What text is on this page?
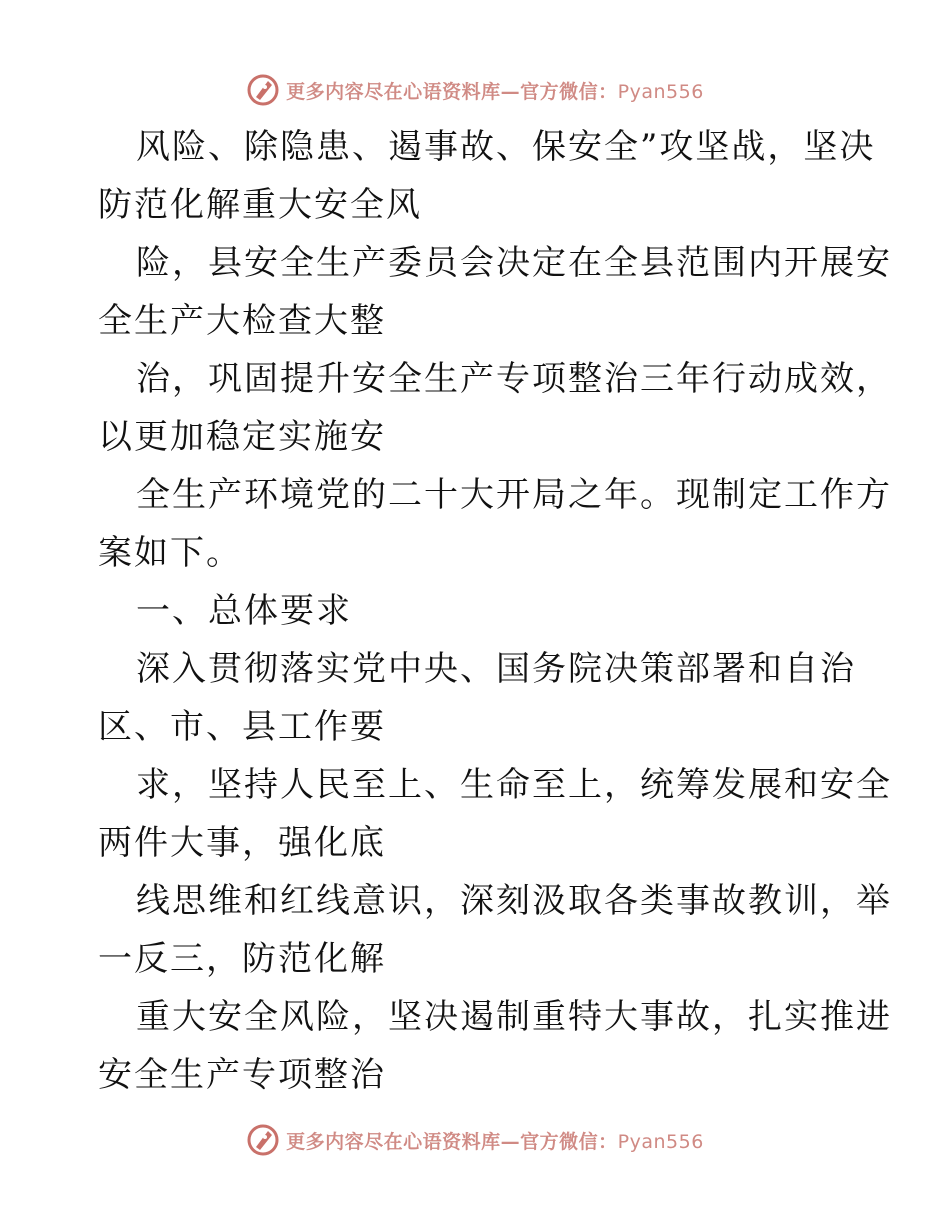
更多内容尽在心语资料库—官方微信：Pyan556

风险、除隐患、遏事故、保安全”攻坚战，坚决
防范化解重大安全风

险，县安全生产委员会决定在全县范围内开展安
全生产大检查大整

治，巩固提升安全生产专项整治三年行动成效，
以更加稳定实施安

全生产环境党的二十大开局之年。现制定工作方
案如下。

一、总体要求

深入贯彻落实党中央、国务院决策部署和自治
区、市、县工作要

求，坚持人民至上、生命至上，统筹发展和安全
两件大事，强化底

线思维和红线意识，深刻汲取各类事故教训，举
一反三，防范化解

重大安全风险，坚决遏制重特大事故，扎实推进
安全生产专项整治

更多内容尽在心语资料库—官方微信：Pyan556
